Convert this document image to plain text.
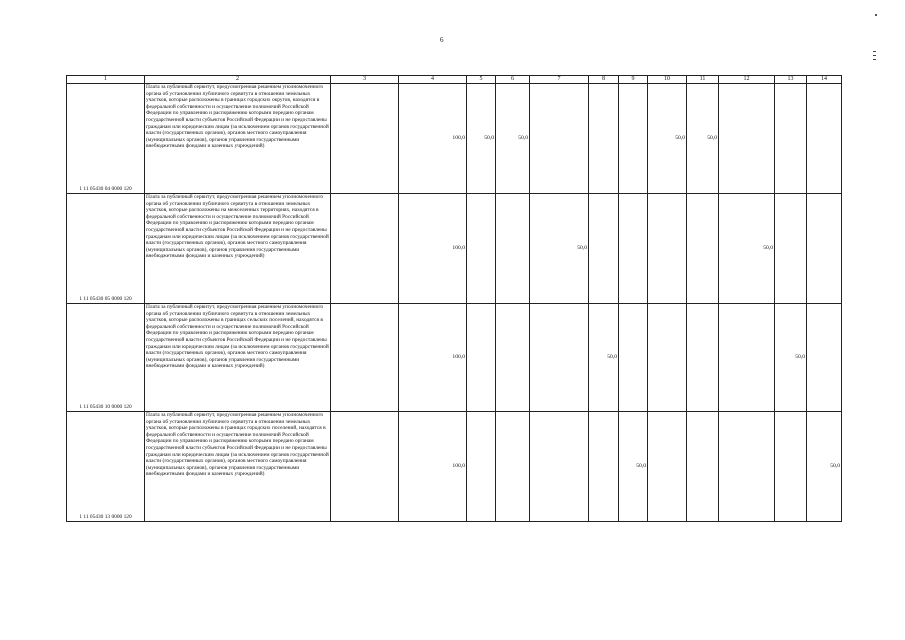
6
1	2	3	4	5	6	7	8	9	10	11	12	13	14
1 11 05430 04 0000 120	Плата за публичный сервитут, предусмотренная решением уполномоченного органа об установлении публичного сервитута в отношении земельных участков, которые расположены в границах городских округов, находятся в федеральной собственности и осуществление полномочий Российской Федерации по управлению и распоряжению которыми передано органам государственной власти субъектов Российской Федерации и не предоставлены гражданам или юридическим лицам (за исключением органов государственной власти (государственных органов), органов местного самоуправления (муниципальных органов), органов управления государственными внебюджетными фондами и казенных учреждений)		100,0	50,0	50,0				50,0	50,0			
1 11 05430 05 0000 120	Плата за публичный сервитут, предусмотренная решением уполномоченного органа об установлении публичного сервитута в отношении земельных участков, которые расположены на межселенных территориях, находятся в федеральной собственности и осуществление полномочий Российской Федерации по управлению и распоряжению которыми передано органам государственной власти субъектов Российской Федерации и не предоставлены гражданам или юридическим лицам (за исключением органов государственной власти (государственных органов), органов местного самоуправления (муниципальных органов), органов управления государственными внебюджетными фондами и казенных учреждений)		100,0			50,0					50,0		
1 11 05430 10 0000 120	Плата за публичный сервитут, предусмотренная решением уполномоченного органа об установлении публичного сервитута в отношении земельных участков, которые расположены в границах сельских поселений, находятся в федеральной собственности и осуществление полномочий Российской Федерации по управлению и распоряжению которыми передано органам государственной власти субъектов Российской Федерации и не предоставлены гражданам или юридическим лицам (за исключением органов государственной власти (государственных органов), органов местного самоуправления (муниципальных органов), органов управления государственными внебюджетными фондами и казенных учреждений)		100,0				50,0					50,0	
1 11 05430 13 0000 120	Плата за публичный сервитут, предусмотренная решением уполномоченного органа об установлении публичного сервитута в отношении земельных участков, которые расположены в границах городских поселений, находятся в федеральной собственности и осуществление полномочий Российской Федерации по управлению и распоряжению которыми передано органам государственной власти субъектов Российской Федерации и не предоставлены гражданам или юридическим лицам (за исключением органов государственной власти (государственных органов), органов местного самоуправления (муниципальных органов), органов управления государственными внебюджетными фондами и казенных учреждений)		100,0					50,0					50,0
